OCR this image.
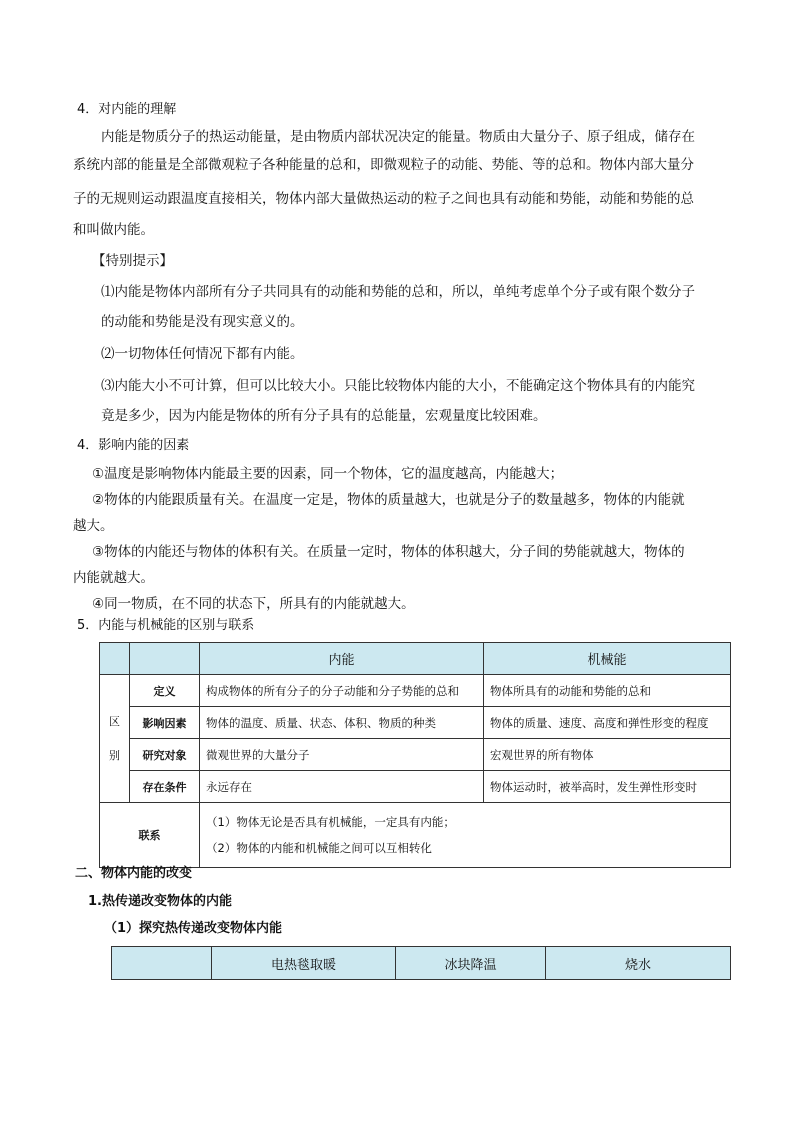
4．对内能的理解
内能是物质分子的热运动能量，是由物质内部状况决定的能量。物质由大量分子、原子组成，储存在
系统内部的能量是全部微观粒子各种能量的总和，即微观粒子的动能、势能、等的总和。物体内部大量分
子的无规则运动跟温度直接相关，物体内部大量做热运动的粒子之间也具有动能和势能，动能和势能的总
和叫做内能。
【特别提示】
⑴内能是物体内部所有分子共同具有的动能和势能的总和，所以，单纯考虑单个分子或有限个数分子
的动能和势能是没有现实意义的。
⑵一切物体任何情况下都有内能。
⑶内能大小不可计算，但可以比较大小。只能比较物体内能的大小，不能确定这个物体具有的内能究
竟是多少，因为内能是物体的所有分子具有的总能量，宏观量度比较困难。
4．影响内能的因素
①温度是影响物体内能最主要的因素，同一个物体，它的温度越高，内能越大；
②物体的内能跟质量有关。在温度一定是，物体的质量越大，也就是分子的数量越多，物体的内能就
越大。
③物体的内能还与物体的体积有关。在质量一定时，物体的体积越大，分子间的势能就越大，物体的
内能就越大。
④同一物质，在不同的状态下，所具有的内能就越大。
5．内能与机械能的区别与联系
		内能	机械能

区
别	定义	构成物体的所有分子的分子动能和分子势能的总和	物体所具有的动能和势能的总和
	影响因素	物体的温度、质量、状态、体积、物质的种类	物体的质量、速度、高度和弹性形变的程度
	研究对象	微观世界的大量分子	宏观世界的所有物体
	存在条件	永远存在	物体运动时，被举高时，发生弹性形变时
联系		（1）物体无论是否具有机械能，一定具有内能；
（2）物体的内能和机械能之间可以互相转化	
二、物体内能的改变
1.热传递改变物体的内能
（1）探究热传递改变物体内能
	电热毯取暖	冰块降温	烧水
